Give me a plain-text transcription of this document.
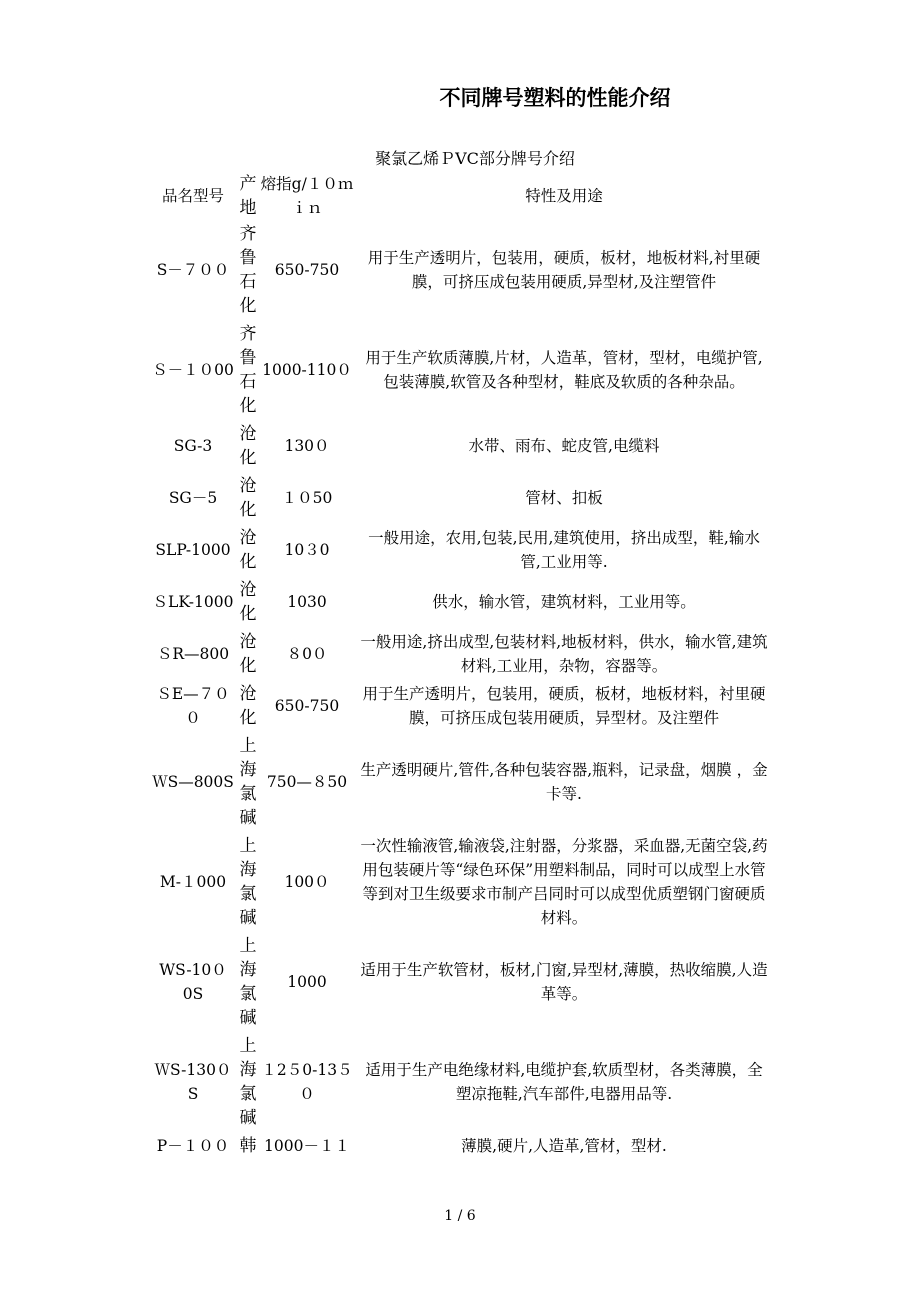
不同牌号塑料的性能介绍
聚氯乙烯ＰVC部分牌号介绍
品名型号	产地	熔指g/１０ｍｉｎ	特性及用途
S－７００	齐鲁石化	650-750	用于生产透明片，包装用，硬质，板材，地板材料,衬里硬膜，可挤压成包装用硬质,异型材,及注塑管件
Ｓ－１０00	齐鲁石化	1000-110０	用于生产软质薄膜,片材，人造革，管材，型材，电缆护管,包装薄膜,软管及各种型材，鞋底及软质的各种杂品。
SG-3	沧化	130０	水带、雨布、蛇皮管,电缆料
SG－5	沧化	１０50	管材、扣板
SLP-1000	沧化	10３0	一般用途，农用,包装,民用,建筑使用，挤出成型，鞋,输水管,工业用等.
ＳLK-1000	沧化	1030	供水，输水管，建筑材料，工业用等。
ＳR—800	沧化	８0０	一般用途,挤出成型,包装材料,地板材料，供水，输水管,建筑材料,工业用，杂物，容器等。
ＳE—７００	沧化	650-750	用于生产透明片，包装用，硬质，板材，地板材料，衬里硬膜，可挤压成包装用硬质，异型材。及注塑件
ＷS—800S	上海氯碱	750—８50	生产透明硬片,管件,各种包装容器,瓶料，记录盘，烟膜 ，金卡等.
M-１000	上海氯碱	100０	一次性输液管,输液袋,注射器，分浆器，采血器,无菌空袋,药用包装硬片等“绿色环保”用塑料制品，同时可以成型上水管等到对卫生级要求市制产吕同时可以成型优质塑钢门窗硬质材料。
WS-10０0S	上海氯碱	1000	适用于生产软管材，板材,门窗,异型材,薄膜，热收缩膜,人造革等。
ＷS-130０S	上海氯碱	１2５0-13５０	适用于生产电绝缘材料,电缆护套,软质型材，各类薄膜，全塑凉拖鞋,汽车部件,电器用品等.
P－１００	韩	1000－１１	薄膜,硬片,人造革,管材，型材.
1 / 6
